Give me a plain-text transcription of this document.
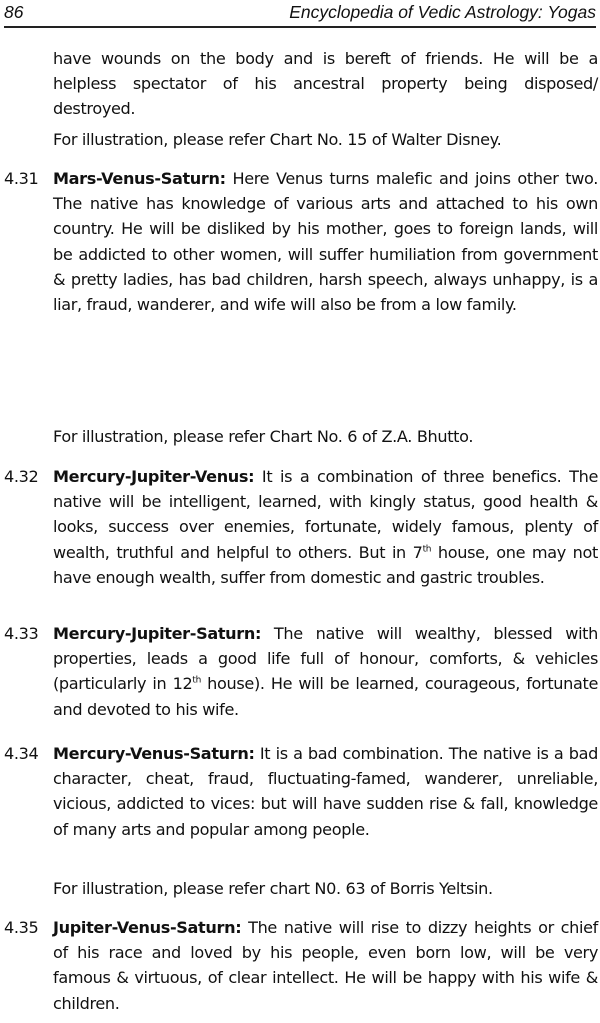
86	Encyclopedia of Vedic Astrology: Yogas
have wounds on the body and is bereft of friends. He will be a helpless spectator of his ancestral property being disposed/ destroyed.
For illustration, please refer Chart No. 15 of Walter Disney.
4.31 Mars-Venus-Saturn: Here Venus turns malefic and joins other two. The native has knowledge of various arts and attached to his own country. He will be disliked by his mother, goes to foreign lands, will be addicted to other women, will suffer humiliation from government & pretty ladies, has bad children, harsh speech, always unhappy, is a liar, fraud, wanderer, and wife will also be from a low family.
For illustration, please refer Chart No. 6 of Z.A. Bhutto.
4.32 Mercury-Jupiter-Venus: It is a combination of three benefics. The native will be intelligent, learned, with kingly status, good health & looks, success over enemies, fortunate, widely famous, plenty of wealth, truthful and helpful to others. But in 7th house, one may not have enough wealth, suffer from domestic and gastric troubles.
4.33 Mercury-Jupiter-Saturn: The native will wealthy, blessed with properties, leads a good life full of honour, comforts, & vehicles (particularly in 12th house). He will be learned, courageous, fortunate and devoted to his wife.
4.34 Mercury-Venus-Saturn: It is a bad combination. The native is a bad character, cheat, fraud, fluctuating-famed, wanderer, unreliable, vicious, addicted to vices: but will have sudden rise & fall, knowledge of many arts and popular among people.
For illustration, please refer chart N0. 63 of Borris Yeltsin.
4.35 Jupiter-Venus-Saturn: The native will rise to dizzy heights or chief of his race and loved by his people, even born low, will be very famous & virtuous, of clear intellect. He will be happy with his wife & children.
